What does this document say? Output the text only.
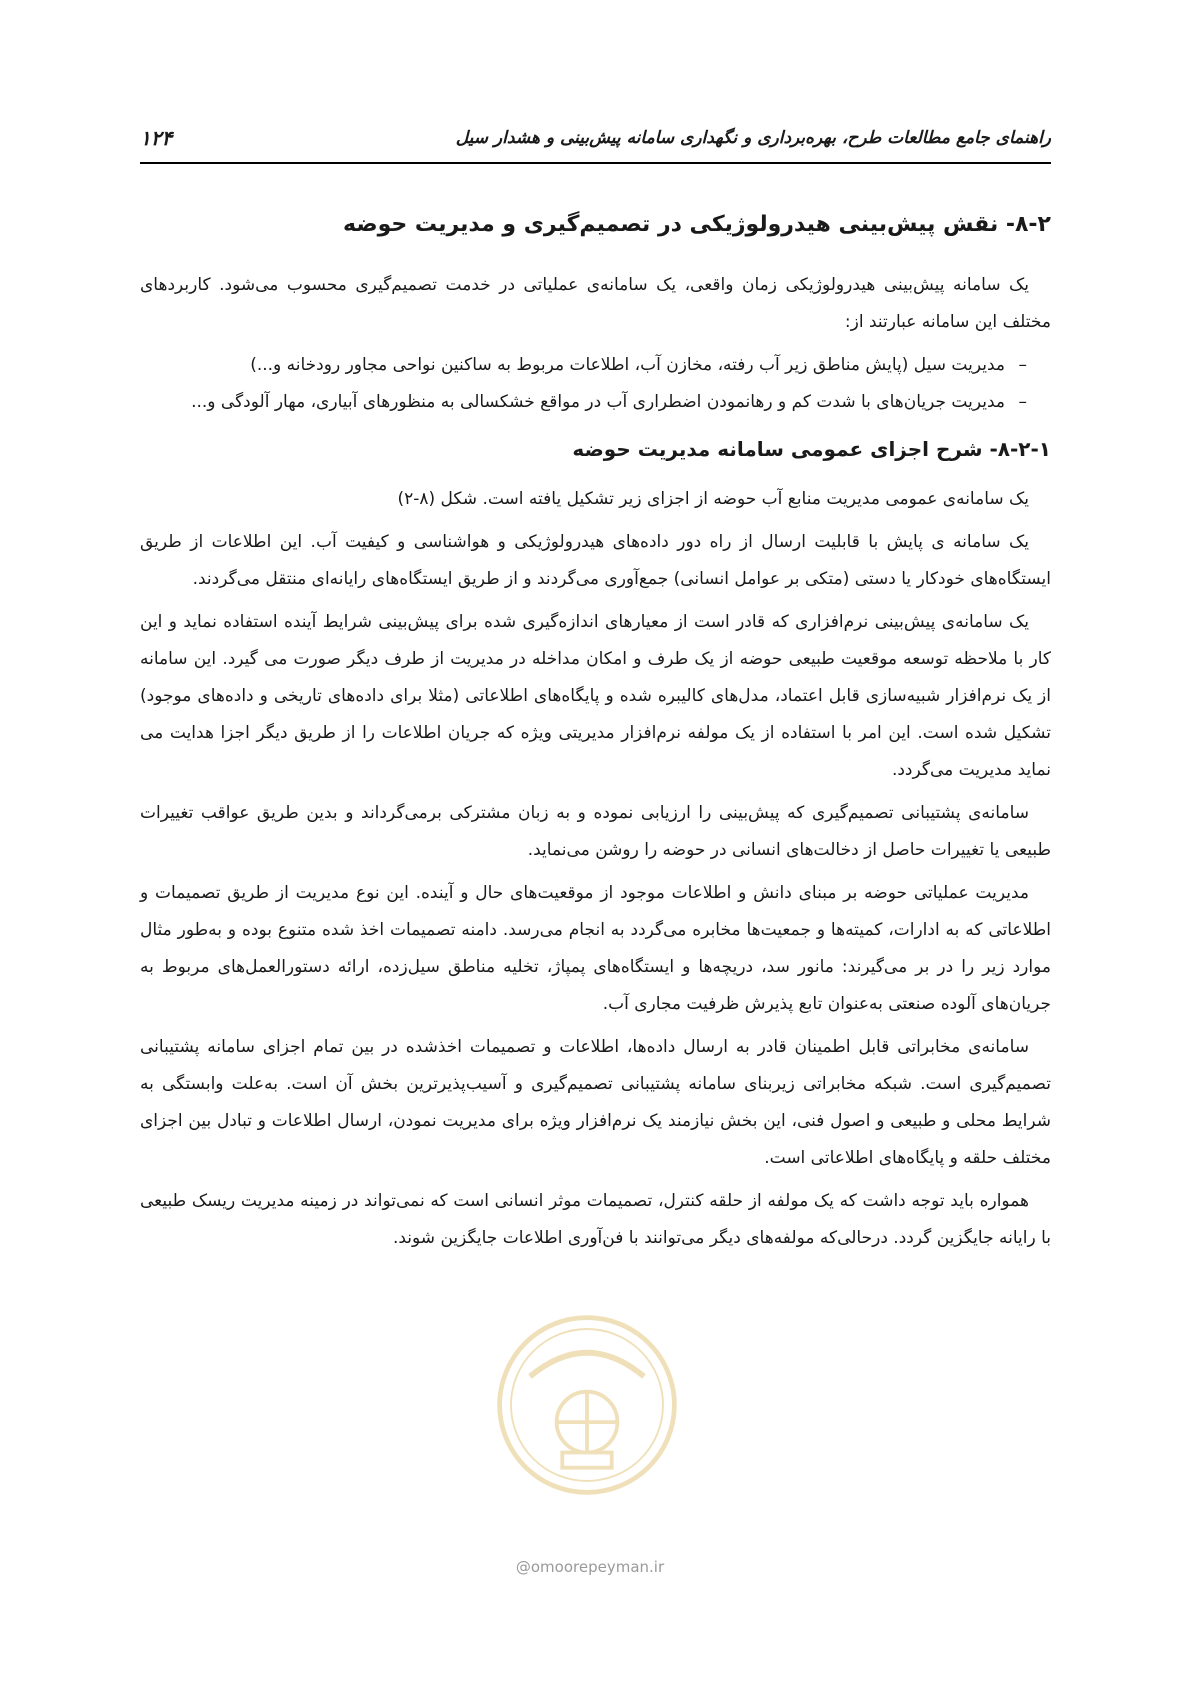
راهنمای جامع مطالعات طرح، بهره‌برداری و نگهداری سامانه پیش‌بینی و هشدار سیل
۱۲۴
۸-۲- نقش پیش‌بینی هیدرولوژیکی در تصمیم‌گیری و مدیریت حوضه

یک سامانه پیش‌بینی هیدرولوژیکی زمان واقعی، یک سامانه‌ی عملیاتی در خدمت تصمیم‌گیری محسوب می‌شود. کاربردهای مختلف این سامانه عبارتند از:

–
مدیریت سیل (پایش مناطق زیر آب رفته، مخازن آب، اطلاعات مربوط به ساکنین نواحی مجاور رودخانه و...)
–
مدیریت جریان‌های با شدت کم و رهانمودن اضطراری آب در مواقع خشکسالی به منظورهای آبیاری، مهار آلودگی و...
۸-۲-۱- شرح اجزای عمومی سامانه مدیریت حوضه

یک سامانه‌ی عمومی مدیریت منابع آب حوضه از اجزای زیر تشکیل یافته است. شکل (۸-۲)

یک سامانه ی پایش با قابلیت ارسال از راه دور داده‌های هیدرولوژیکی و هواشناسی و کیفیت آب. این اطلاعات از طریق ایستگاه‌های خودکار یا دستی (متکی بر عوامل انسانی) جمع‌آوری می‌گردند و از طریق ایستگاه‌های رایانه‌ای منتقل می‌گردند.

یک سامانه‌ی پیش‌بینی نرم‌افزاری که قادر است از معیارهای اندازه‌گیری شده برای پیش‌بینی شرایط آینده استفاده نماید و این کار با ملاحظه توسعه موقعیت طبیعی حوضه از یک طرف و امکان مداخله در مدیریت از طرف دیگر صورت می گیرد. این سامانه از یک نرم‌افزار شبیه‌سازی قابل اعتماد، مدل‌های کالیبره شده و پایگاه‌های اطلاعاتی (مثلا برای داده‌های تاریخی و داده‌های موجود) تشکیل شده است. این امر با استفاده از یک مولفه نرم‌افزار مدیریتی ویژه که جریان اطلاعات را از طریق دیگر اجزا هدایت می نماید مدیریت می‌گردد.

سامانه‌ی پشتیبانی تصمیم‌گیری که پیش‌بینی را ارزیابی نموده و به زبان مشترکی برمی‌گرداند و بدین طریق عواقب تغییرات طبیعی یا تغییرات حاصل از دخالت‌های انسانی در حوضه را روشن می‌نماید.

مدیریت عملیاتی حوضه بر مبنای دانش و اطلاعات موجود از موقعیت‌های حال و آینده. این نوع مدیریت از طریق تصمیمات و اطلاعاتی که به ادارات، کمیته‌ها و جمعیت‌ها مخابره می‌گردد به انجام می‌رسد. دامنه تصمیمات اخذ شده متنوع بوده و به‌طور مثال موارد زیر را در بر می‌گیرند: مانور سد، دریچه‌ها و ایستگاه‌های پمپاژ، تخلیه مناطق سیل‌زده، ارائه دستورالعمل‌های مربوط به جریان‌های آلوده صنعتی به‌عنوان تابع پذیرش ظرفیت مجاری آب.

سامانه‌ی مخابراتی قابل اطمینان قادر به ارسال داده‌ها، اطلاعات و تصمیمات اخذشده در بین تمام اجزای سامانه پشتیبانی تصمیم‌گیری است. شبکه مخابراتی زیربنای سامانه پشتیبانی تصمیم‌گیری و آسیب‌پذیرترین بخش آن است. به‌علت وابستگی به شرایط محلی و طبیعی و اصول فنی، این بخش نیازمند یک نرم‌افزار ویژه برای مدیریت نمودن، ارسال اطلاعات و تبادل بین اجزای مختلف حلقه و پایگاه‌های اطلاعاتی است.

همواره باید توجه داشت که یک مولفه از حلقه کنترل، تصمیمات موثر انسانی است که نمی‌تواند در زمینه مدیریت ریسک طبیعی با رایانه جایگزین گردد. درحالی‌که مولفه‌های دیگر می‌توانند با فن‌آوری اطلاعات جایگزین شوند.

@omoorepeyman.ir
